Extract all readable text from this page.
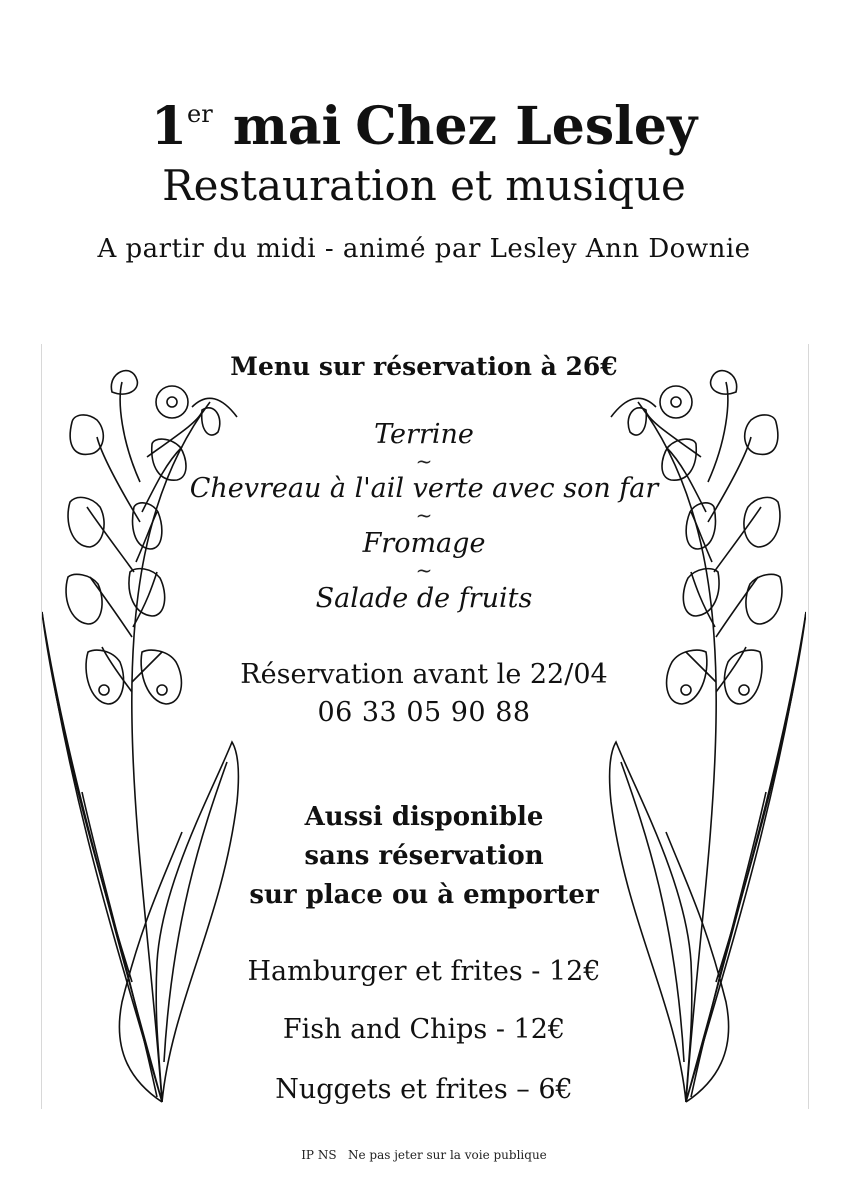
1er mai Chez Lesley
Restauration et musique
A partir du midi - animé par Lesley Ann Downie
Menu sur réservation à 26€
Terrine
~
Chevreau à l'ail verte avec son far
~
Fromage
~
Salade de fruits
Réservation avant le 22/04
06 33 05 90 88
Aussi disponible
sans réservation
sur place ou à emporter
Hamburger et frites - 12€
Fish and Chips - 12€
Nuggets et frites – 6€
IP NS   Ne pas jeter sur la voie publique
